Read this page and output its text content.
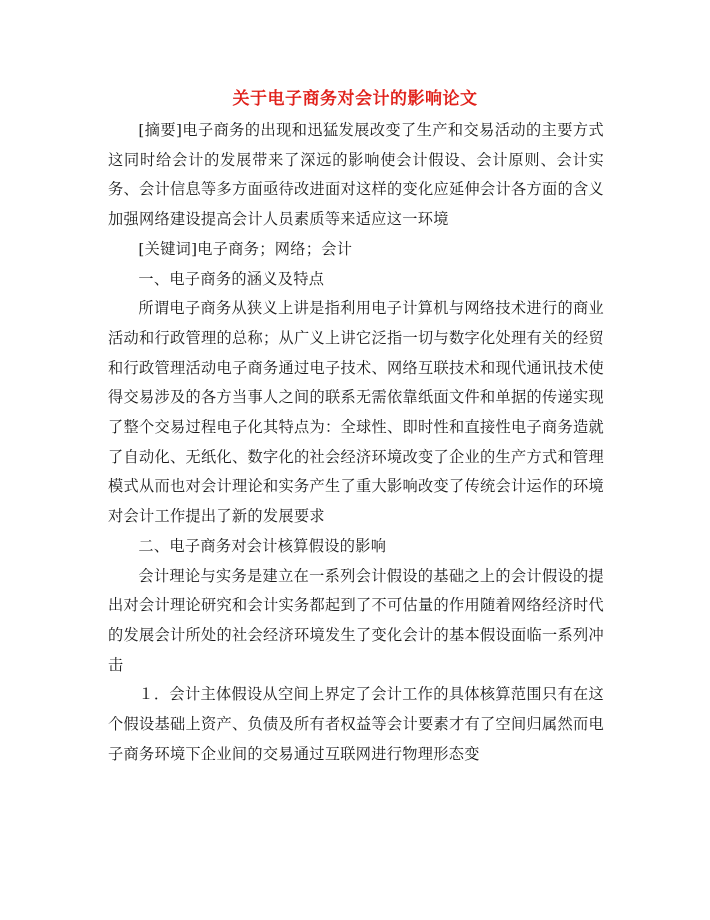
关于电子商务对会计的影响论文

[摘要]电子商务的出现和迅猛发展改变了生产和交易活动的主要方式这同时给会计的发展带来了深远的影响使会计假设、会计原则、会计实务、会计信息等多方面亟待改进面对这样的变化应延伸会计各方面的含义加强网络建设提高会计人员素质等来适应这一环境

[关键词]电子商务；网络；会计

一、电子商务的涵义及特点

所谓电子商务从狭义上讲是指利用电子计算机与网络技术进行的商业活动和行政管理的总称；从广义上讲它泛指一切与数字化处理有关的经贸和行政管理活动电子商务通过电子技术、网络互联技术和现代通讯技术使得交易涉及的各方当事人之间的联系无需依靠纸面文件和单据的传递实现了整个交易过程电子化其特点为：全球性、即时性和直接性电子商务造就了自动化、无纸化、数字化的社会经济环境改变了企业的生产方式和管理模式从而也对会计理论和实务产生了重大影响改变了传统会计运作的环境对会计工作提出了新的发展要求

二、电子商务对会计核算假设的影响

会计理论与实务是建立在一系列会计假设的基础之上的会计假设的提出对会计理论研究和会计实务都起到了不可估量的作用随着网络经济时代的发展会计所处的社会经济环境发生了变化会计的基本假设面临一系列冲击

１．会计主体假设从空间上界定了会计工作的具体核算范围只有在这个假设基础上资产、负债及所有者权益等会计要素才有了空间归属然而电子商务环境下企业间的交易通过互联网进行物理形态变
